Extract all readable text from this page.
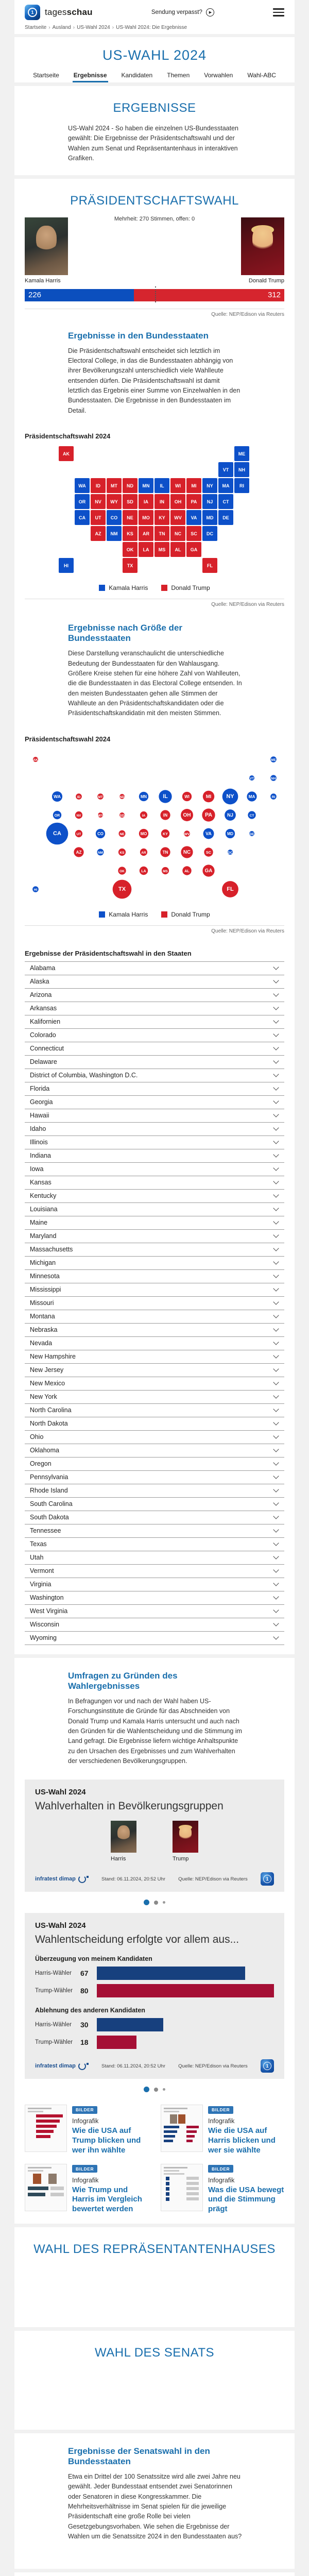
1	tagesschau	Sendung verpasst?	▶
Startseite › Ausland › US-Wahl 2024 › US-Wahl 2024: Die Ergebnisse
US-WAHL 2024
Startseite Ergebnisse Kandidaten Themen Vorwahlen Wahl-ABC
ERGEBNISSE

US-Wahl 2024 - So haben die einzelnen US-Bundesstaaten gewählt: Die Ergebnisse der Präsidentschaftswahl und der Wahlen zum Senat und Repräsentantenhaus in interaktiven Grafiken.

PRÄSIDENTSCHAFTSWAHL
Mehrheit: 270 Stimmen, offen: 0
Kamala Harris	Donald Trump
226	312
Quelle: NEP/Edison via Reuters
Ergebnisse in den Bundesstaaten

Die Präsidentschaftswahl entscheidet sich letztlich im Electoral College, in das die Bundesstaaten abhängig von ihrer Bevölkerungszahl unterschiedlich viele Wahlleute entsenden dürfen. Die Präsidentschaftswahl ist damit letztlich das Ergebnis einer Summe von Einzelwahlen in den Bundesstaaten. Die Ergebnisse in den Bundesstaaten im Detail.

Präsidentschaftswahl 2024
AL
AK
AZ	AR
CA	CO
CT
DE
DC
FL
GA
HI
ID	IL
IN
IA
KS
KY
LA
ME
MD
MA
MI
MN
MS
MO
MT
NE
NV
NH
NJ
NM
NY
NC
ND
OH
OK
OR	PA
RI
SC
SD
TN
TX
UT
VT
VA
WA
WV
WI
WY
Kamala Harris	Donald Trump
Quelle: NEP/Edison via Reuters
Ergebnisse nach Größe der Bundesstaaten

Diese Darstellung veranschaulicht die unterschiedliche Bedeutung der Bundesstaaten für den Wahlausgang. Größere Kreise stehen für eine höhere Zahl von Wahlleuten, die die Bundesstaaten in das Electoral College entsenden. In den meisten Bundesstaaten gehen alle Stimmen der Wahlleute an den Präsidentschaftskandidaten oder die Präsidentschaftskandidatin mit den meisten Stimmen.

Präsidentschaftswahl 2024
AL
AK
AZ	AR
CA	CO
CT
DE
DC
FL
GA
HI
ID	IL
IN
IA
KS
KY
LA
ME
MD
MA
MI
MN
MS
MO
MT
NE
NV
NH
NJ
NM
NY
NC
ND
OH
OK
OR	PA
RI
SC
SD
TN
TX
UT
VT
VA
WA
WV
WI
WY
Kamala Harris	Donald Trump
Quelle: NEP/Edison via Reuters
Ergebnisse der Präsidentschaftswahl in den Staaten
Alabama
Alaska
Arizona
Arkansas
Kalifornien
Colorado
Connecticut
Delaware
District of Columbia, Washington D.C.
Florida
Georgia
Hawaii
Idaho
Illinois
Indiana
Iowa
Kansas
Kentucky
Louisiana
Maine
Maryland
Massachusetts
Michigan
Minnesota
Mississippi
Missouri
Montana
Nebraska
Nevada
New Hampshire
New Jersey
New Mexico
New York
North Carolina
North Dakota
Ohio
Oklahoma
Oregon
Pennsylvania
Rhode Island
South Carolina
South Dakota
Tennessee
Texas
Utah
Vermont
Virginia
Washington
West Virginia
Wisconsin
Wyoming
Umfragen zu Gründen des Wahlergebnisses

In Befragungen vor und nach der Wahl haben US-Forschungsinstitute die Gründe für das Abschneiden von Donald Trump und Kamala Harris untersucht und auch nach den Gründen für die Wahlentscheidung und die Stimmung im Land gefragt. Die Ergebnisse liefern wichtige Anhaltspunkte zu den Ursachen des Ergebnisses und zum Wahlverhalten der verschiedenen Bevölkerungsgruppen.

US-Wahl 2024
Wahlverhalten in Bevölkerungsgruppen
Harris	Trump
infratest dimap	Stand: 06.11.2024, 20:52 Uhr	Quelle: NEP/Edison via Reuters	1
US-Wahl 2024
Wahlentscheidung erfolgte vor allem aus...
Überzeugung von meinem Kandidaten
Harris-Wähler	67
Trump-Wähler	80
Ablehnung des anderen Kandidaten
Harris-Wähler	30
Trump-Wähler	18
infratest dimap	Stand: 06.11.2024, 20:52 Uhr	Quelle: NEP/Edison via Reuters	1
BILDER
Infografik
Wie die USA auf Trump blicken und wer ihn wählte
BILDER
Infografik
Wie die USA auf Harris blicken und wer sie wählte
BILDER
Infografik
Wie Trump und Harris im Vergleich bewertet werden
BILDER
Infografik
Was die USA bewegt und die Stimmung prägt
WAHL DES REPRÄSENTANTENHAUSES
WAHL DES SENATS
Ergebnisse der Senatswahl in den Bundesstaaten

Etwa ein Drittel der 100 Senatssitze wird alle zwei Jahre neu gewählt. Jeder Bundesstaat entsendet zwei Senatorinnen oder Senatoren in diese Kongresskammer. Die Mehrheitsverhältnisse im Senat spielen für die jeweilige Präsidentschaft eine große Rolle bei vielen Gesetzgebungsvorhaben. Wie sehen die Ergebnisse der Wahlen um die Senatssitze 2024 in den Bundesstaaten aus?
